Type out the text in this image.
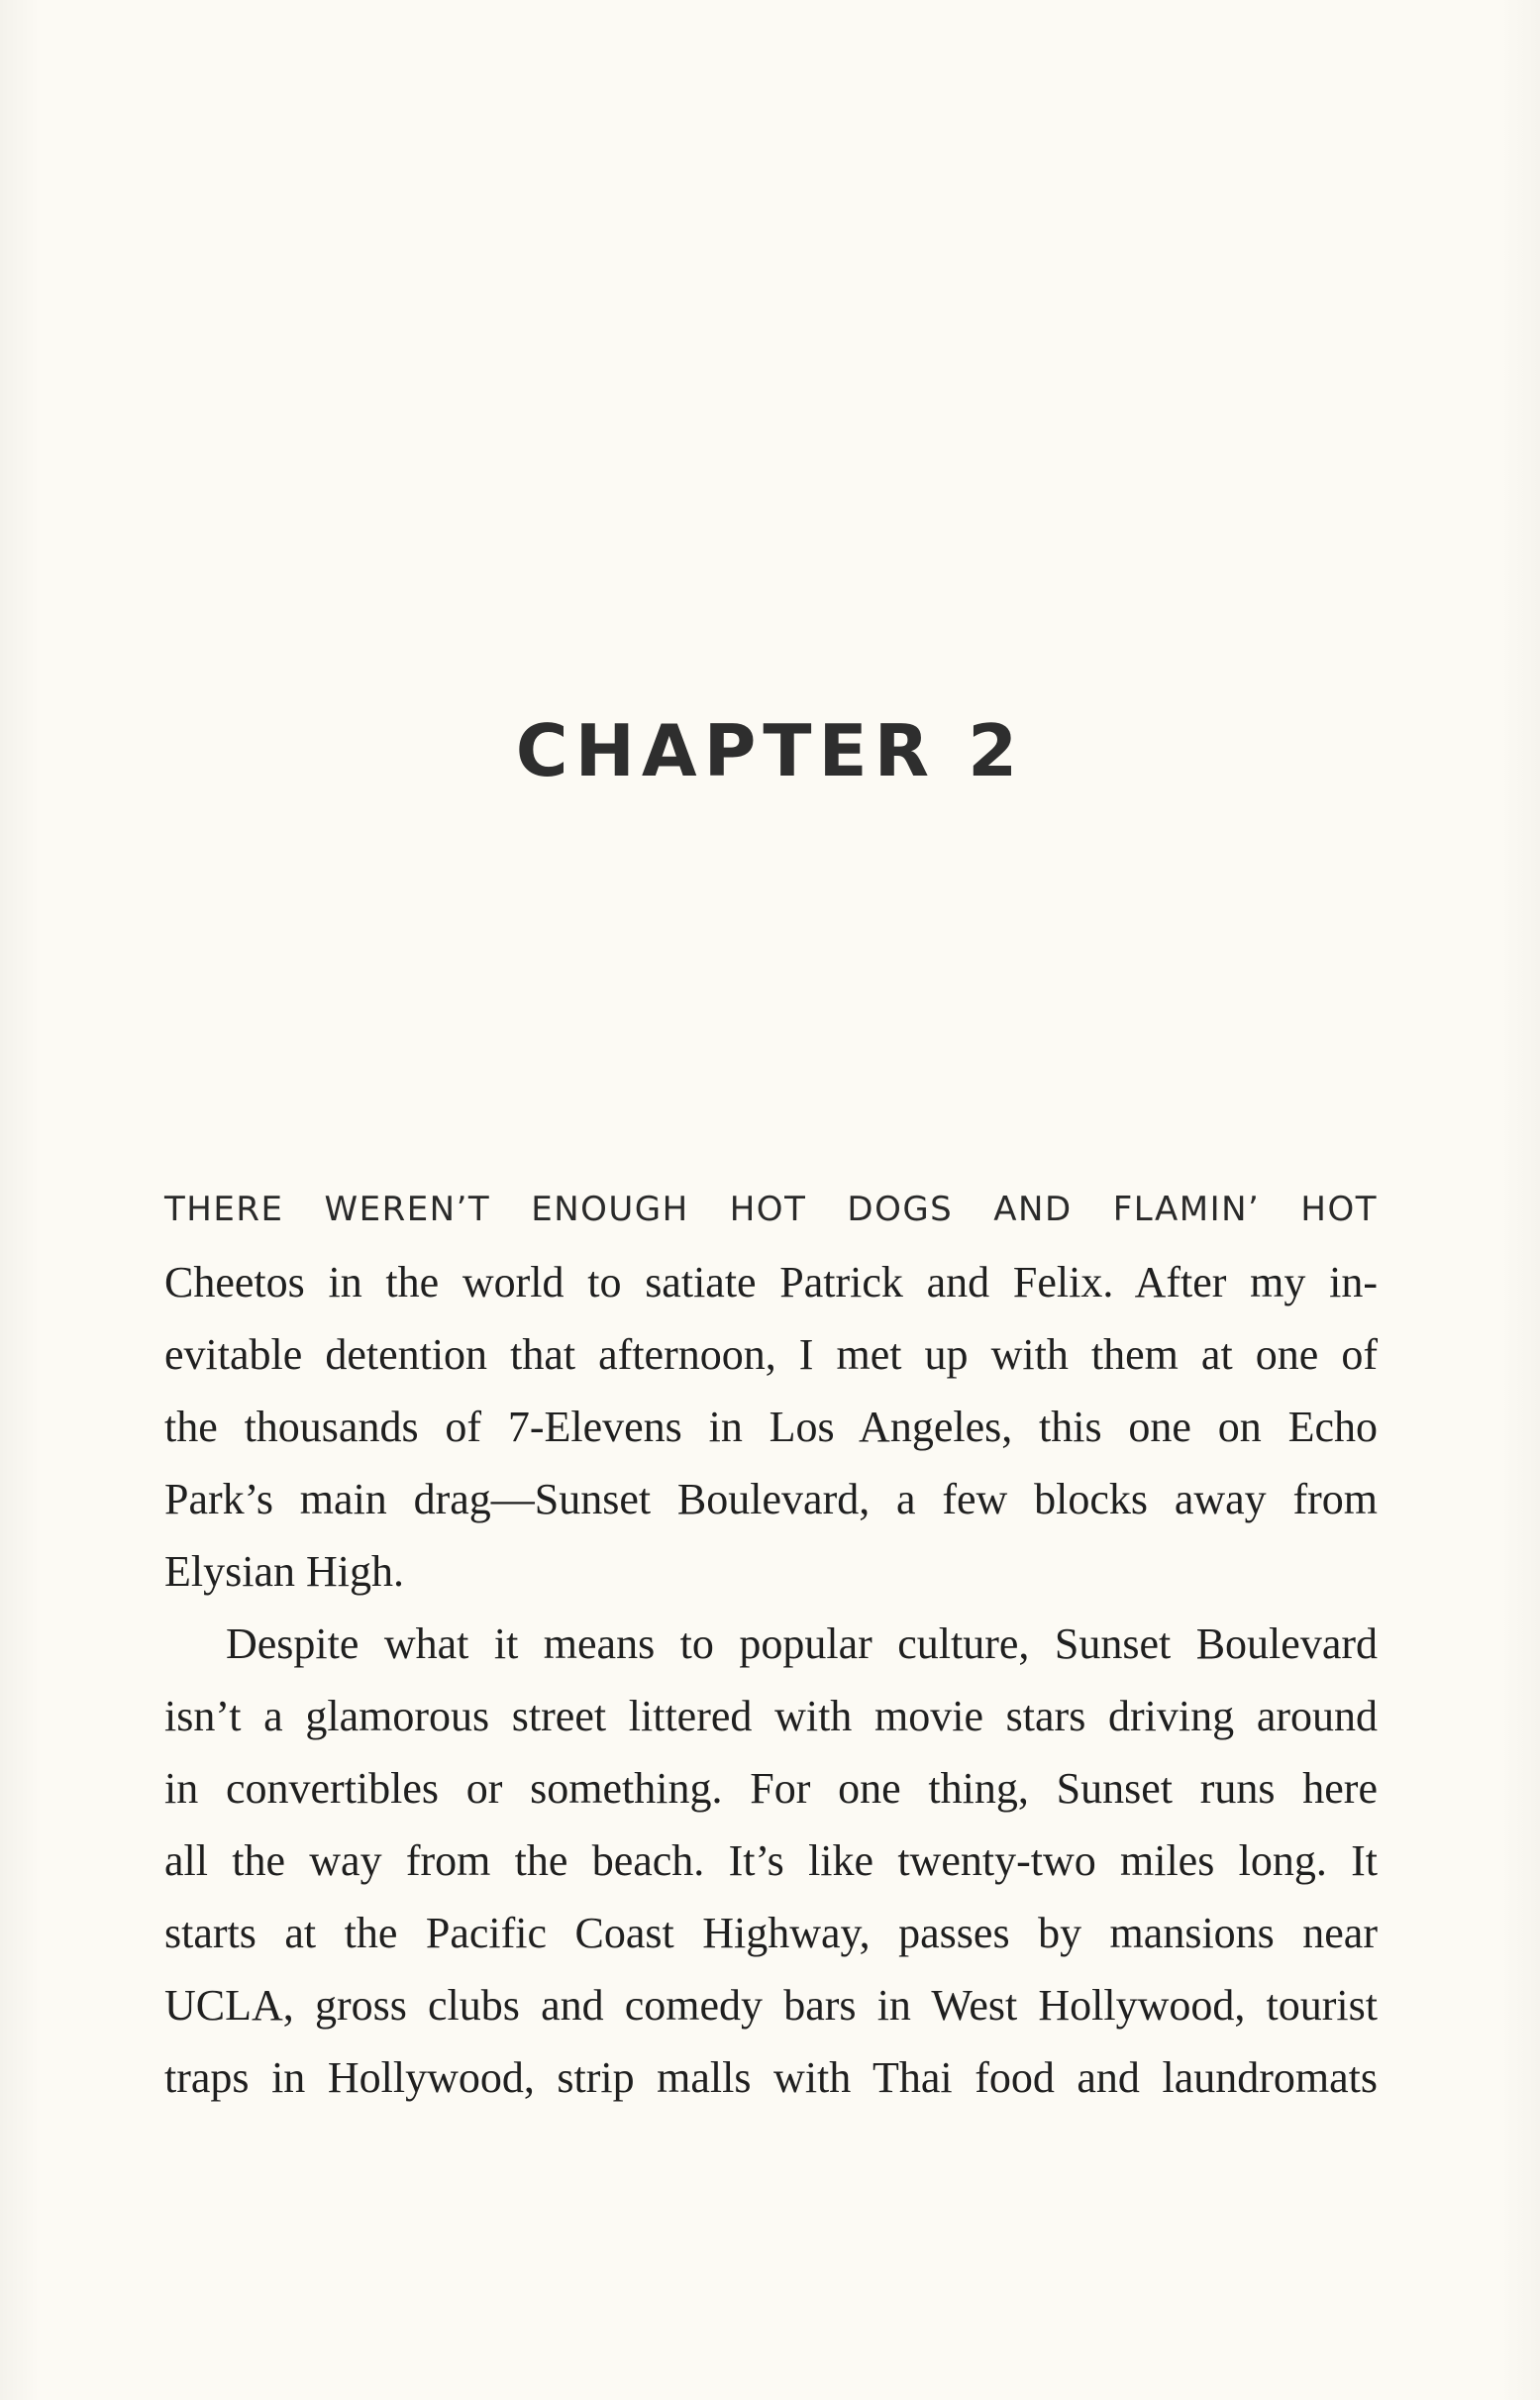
CHAPTER 2
THERE WEREN’T ENOUGH HOT DOGS AND FLAMIN’ HOT
Cheetos in the world to satiate Patrick and Felix. After my in-
evitable detention that afternoon, I met up with them at one of
the thousands of 7-Elevens in Los Angeles, this one on Echo
Park’s main drag—Sunset Boulevard, a few blocks away from
Elysian High.
Despite what it means to popular culture, Sunset Boulevard
isn’t a glamorous street littered with movie stars driving around
in convertibles or something. For one thing, Sunset runs here
all the way from the beach. It’s like twenty-two miles long. It
starts at the Pacific Coast Highway, passes by mansions near
UCLA, gross clubs and comedy bars in West Hollywood, tourist
traps in Hollywood, strip malls with Thai food and laundromats
